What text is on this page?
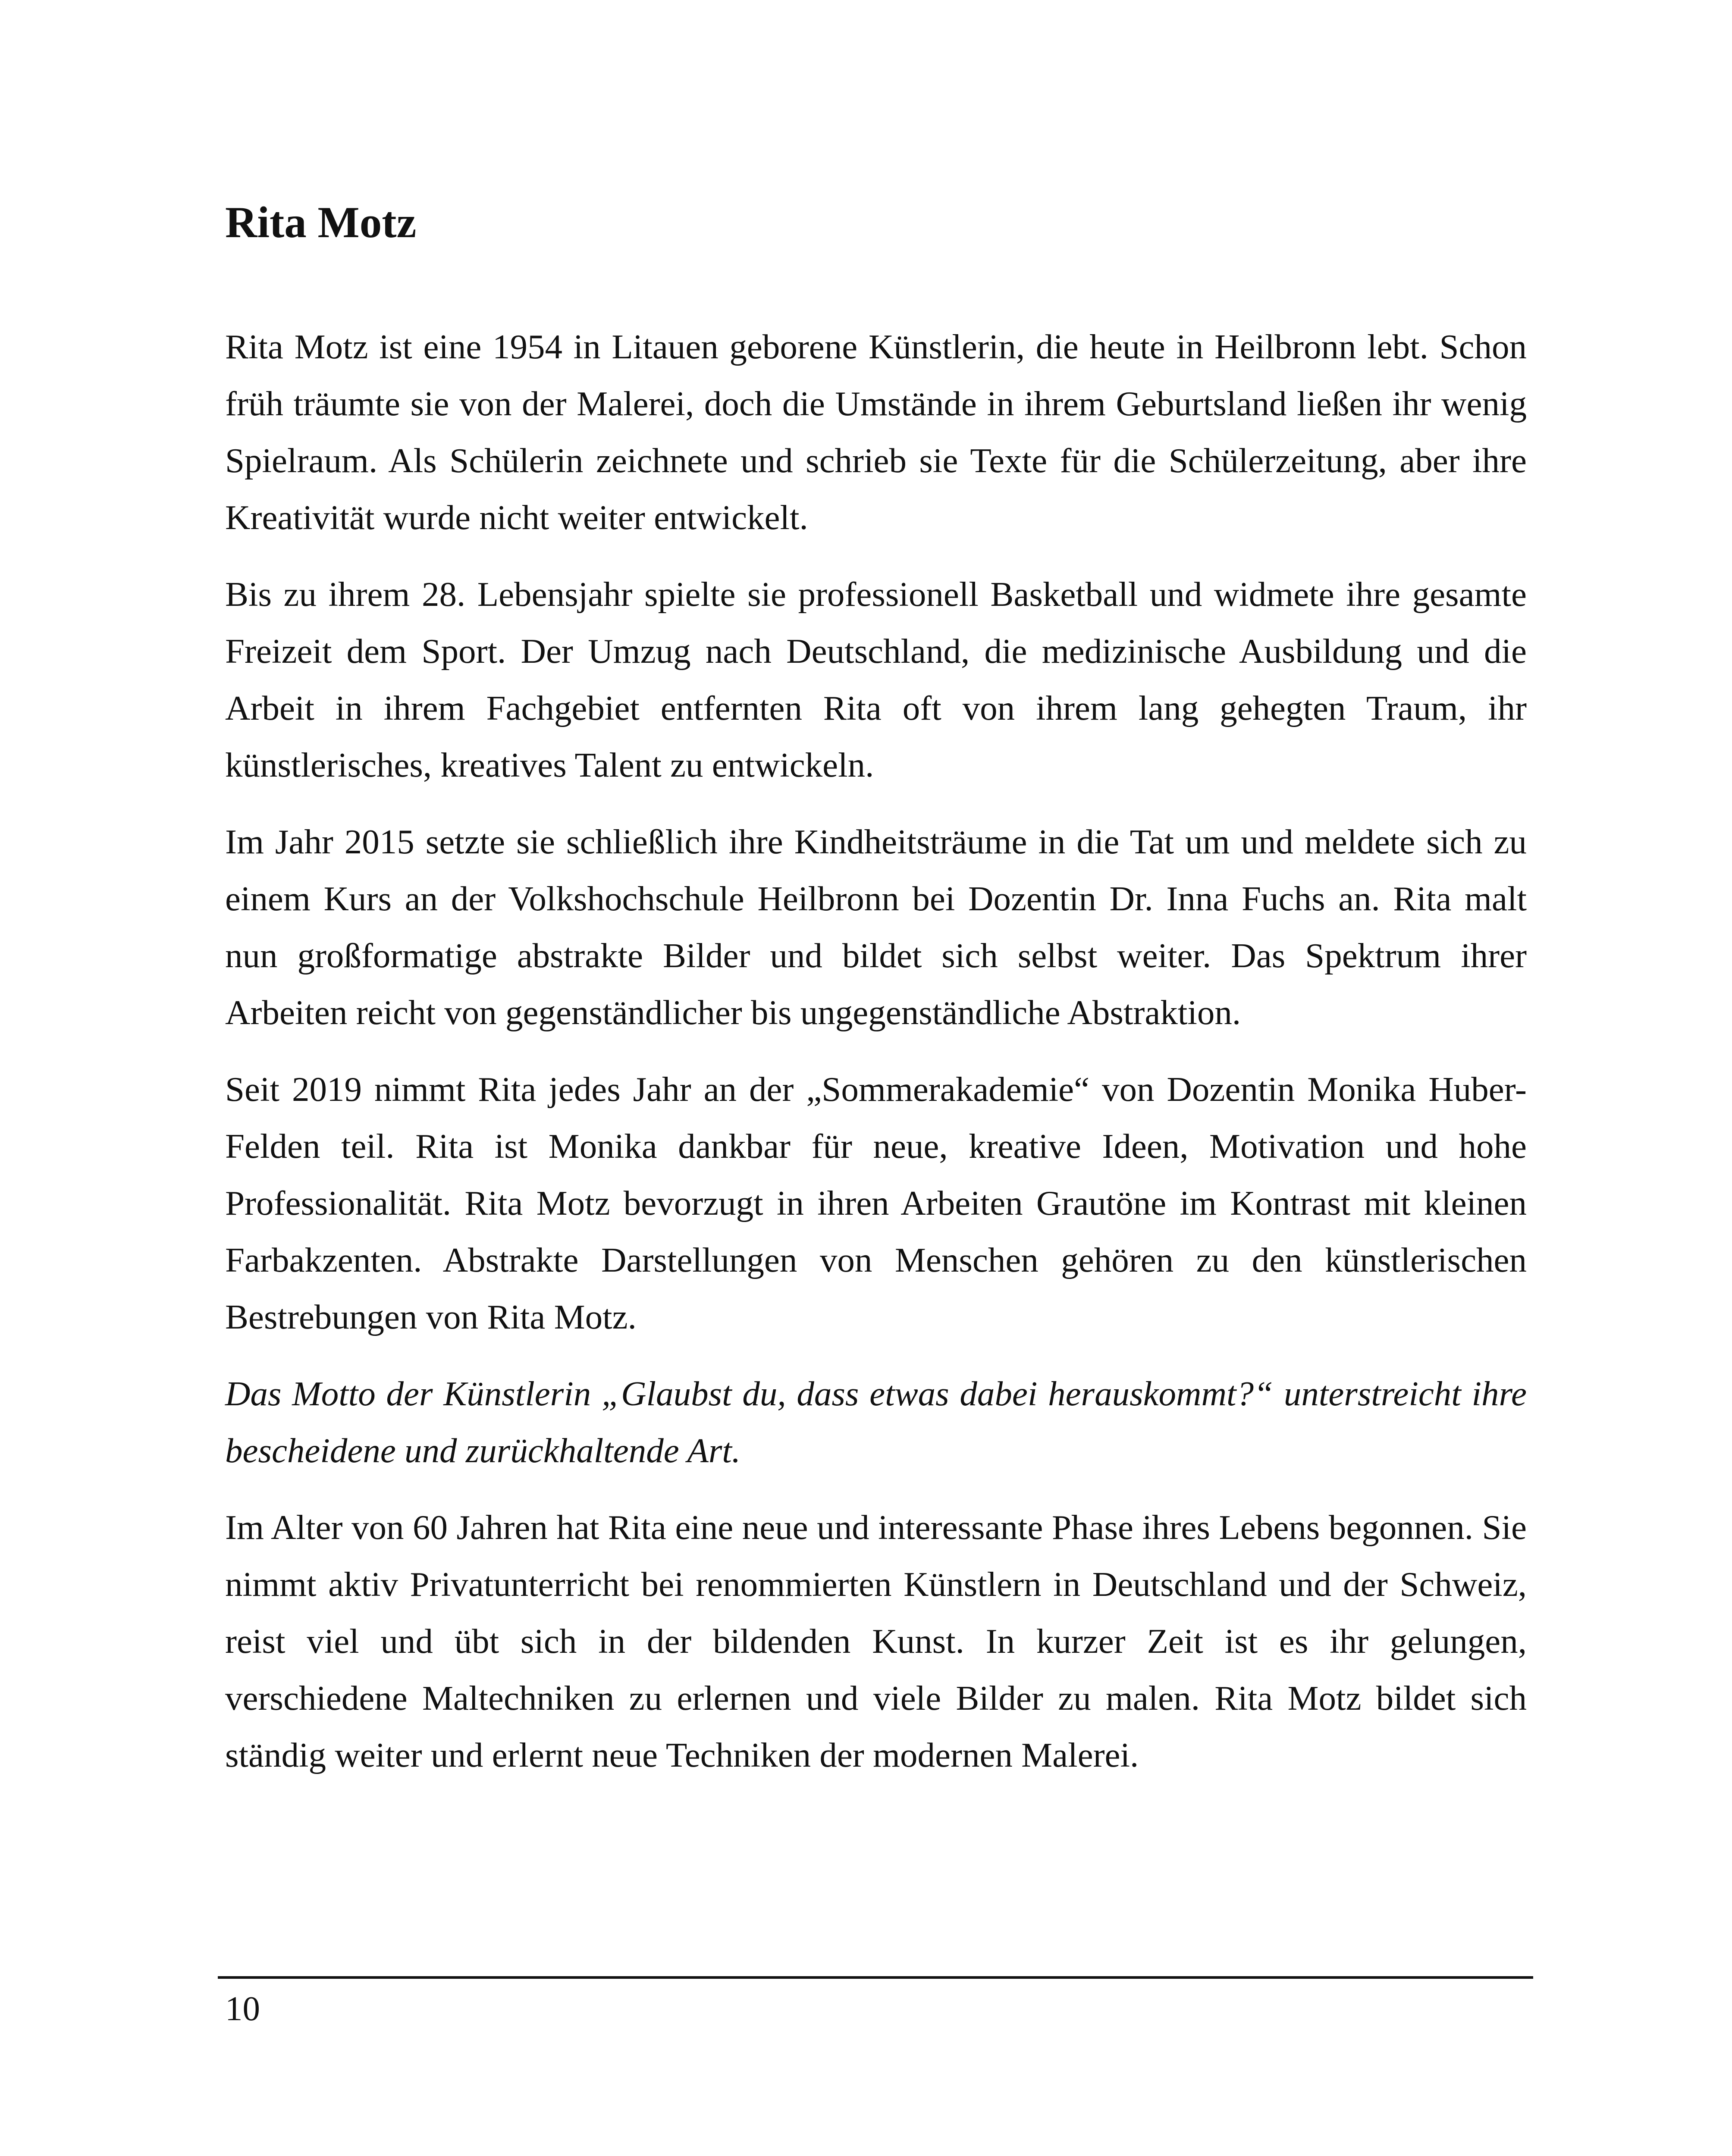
Rita Motz

Rita Motz ist eine 1954 in Litauen geborene Künstlerin, die heute in Heilbronn lebt. Schon früh träumte sie von der Malerei, doch die Umstände in ihrem Geburtsland ließen ihr wenig Spielraum. Als Schülerin zeichnete und schrieb sie Texte für die Schülerzeitung, aber ihre Kreativität wurde nicht weiter entwickelt.

Bis zu ihrem 28. Lebensjahr spielte sie professionell Basketball und widmete ihre gesamte Freizeit dem Sport. Der Umzug nach Deutschland, die medizinische Ausbildung und die Arbeit in ihrem Fachgebiet entfernten Rita oft von ihrem lang gehegten Traum, ihr künstlerisches, kreatives Talent zu entwickeln.

Im Jahr 2015 setzte sie schließlich ihre Kindheitsträume in die Tat um und meldete sich zu einem Kurs an der Volkshochschule Heilbronn bei Dozentin Dr. Inna Fuchs an. Rita malt nun großformatige abstrakte Bilder und bildet sich selbst weiter. Das Spektrum ihrer Arbeiten reicht von gegenständlicher bis ungegenständliche Abstraktion.

Seit 2019 nimmt Rita jedes Jahr an der „Sommerakademie“ von Dozentin Monika Huber-Felden teil. Rita ist Monika dankbar für neue, kreative Ideen, Motivation und hohe Professionalität. Rita Motz bevorzugt in ihren Arbeiten Grautöne im Kontrast mit kleinen Farbakzenten. Abstrakte Darstellungen von Menschen gehören zu den künstlerischen Bestrebungen von Rita Motz.

Das Motto der Künstlerin „Glaubst du, dass etwas dabei herauskommt?“ unterstreicht ihre bescheidene und zurückhaltende Art.

Im Alter von 60 Jahren hat Rita eine neue und interessante Phase ihres Lebens begonnen. Sie nimmt aktiv Privatunterricht bei renommierten Künstlern in Deutschland und der Schweiz, reist viel und übt sich in der bildenden Kunst. In kurzer Zeit ist es ihr gelungen, verschiedene Maltechniken zu erlernen und viele Bilder zu malen. Rita Motz bildet sich ständig weiter und erlernt neue Techniken der modernen Malerei.

10
